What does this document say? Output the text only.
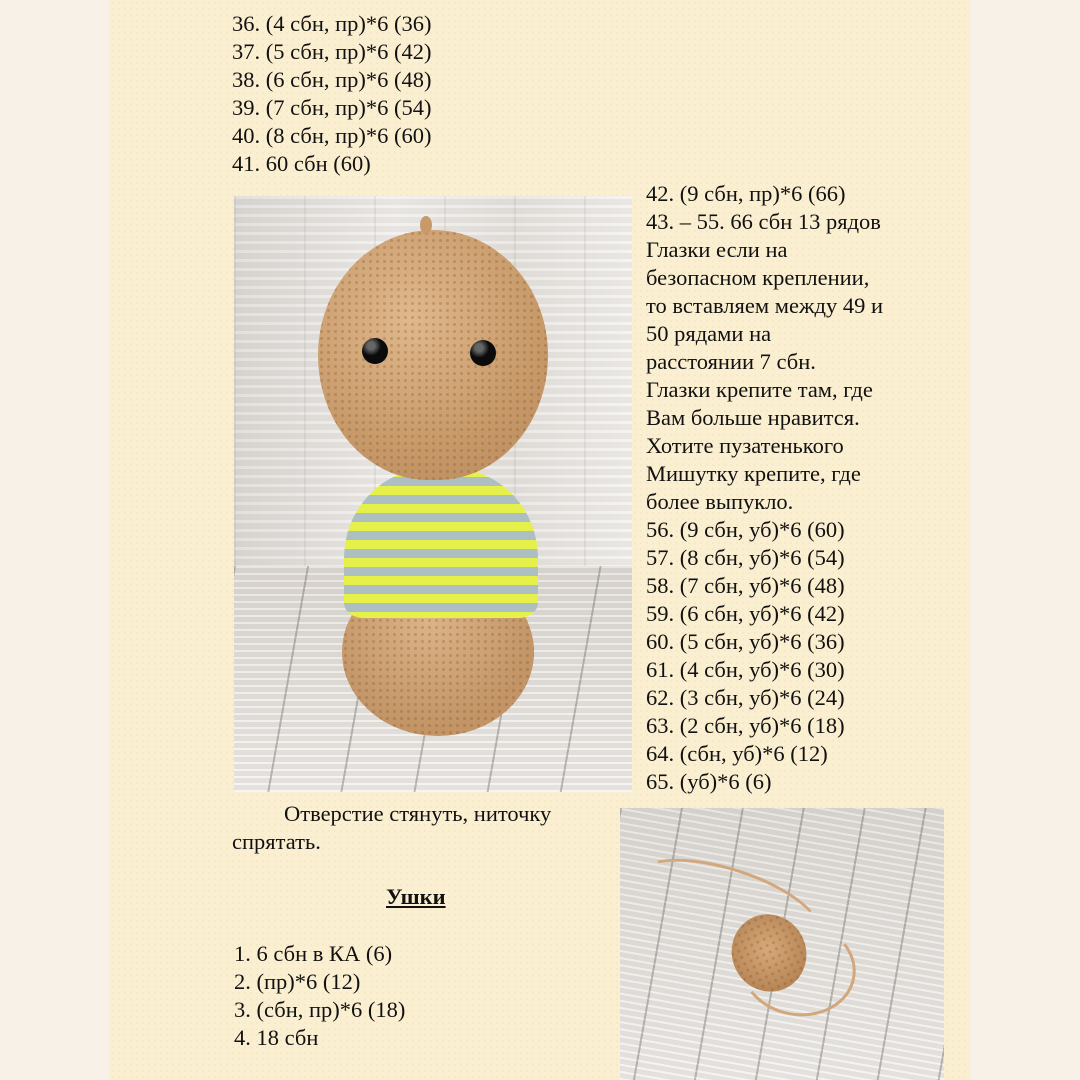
36. (4 сбн, пр)*6 (36)
37. (5 сбн, пр)*6 (42)
38. (6 сбн, пр)*6 (48)
39. (7 сбн, пр)*6 (54)
40. (8 сбн, пр)*6 (60)
41. 60 сбн (60)
42. (9 сбн, пр)*6 (66)
43. – 55. 66 сбн 13 рядов
Глазки если на
безопасном креплении,
то вставляем между 49 и
50 рядами на
расстоянии 7 сбн.
Глазки крепите там, где
Вам больше нравится.
Хотите пузатенького
Мишутку крепите, где
более выпукло.
56. (9 сбн, уб)*6 (60)
57. (8 сбн, уб)*6 (54)
58. (7 сбн, уб)*6 (48)
59. (6 сбн, уб)*6 (42)
60. (5 сбн, уб)*6 (36)
61. (4 сбн, уб)*6 (30)
62. (3 сбн, уб)*6 (24)
63. (2 сбн, уб)*6 (18)
64. (сбн, уб)*6 (12)
65. (уб)*6 (6)
Отверстие стянуть, ниточку
спрятать.
Ушки
1. 6 сбн в КА (6)
2. (пр)*6 (12)
3. (сбн, пр)*6 (18)
4. 18 сбн
